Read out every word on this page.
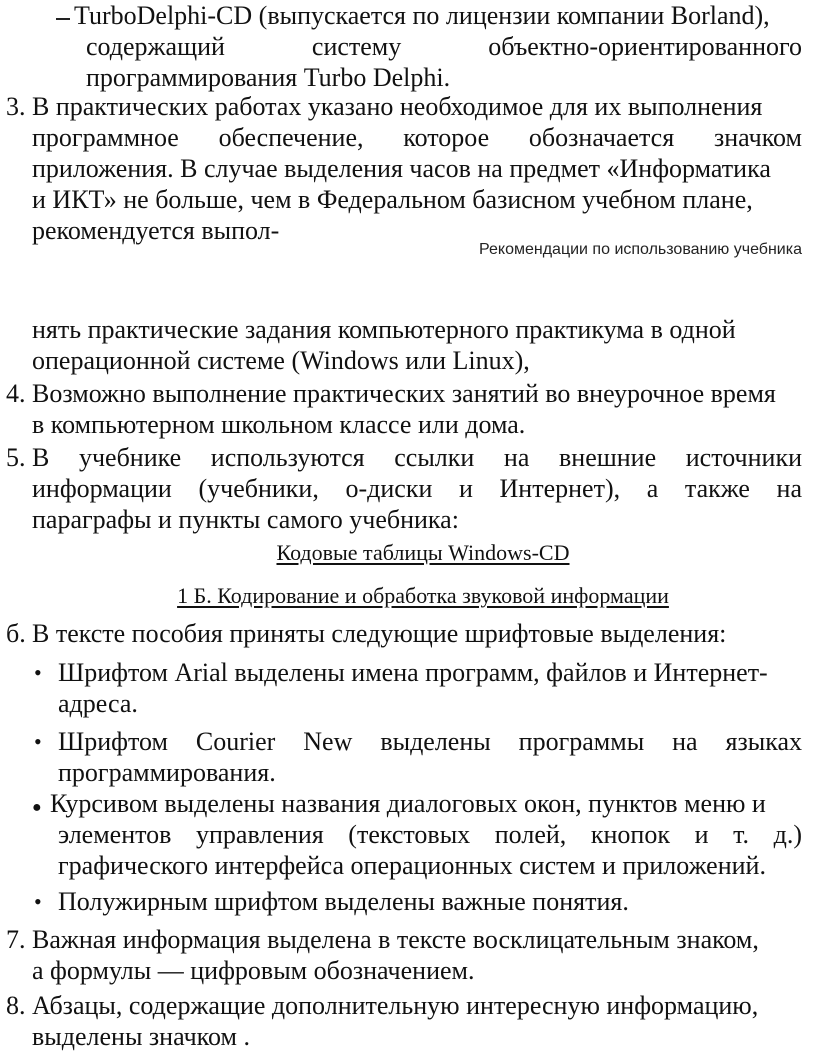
TurboDelphi-CD (выпускается по лицензии компании Borland),
содержащий систему объектно-ориентированного
программирования Turbo Delphi.
3. В практических работах указано необходимое для их выполнения
программное обеспечение, которое обозначается значком
приложения. В случае выделения часов на предмет «Информатика
и ИКТ» не больше, чем в Федеральном базисном учебном плане,
рекомендуется выпол-
Рекомендации по использованию учебника
нять практические задания компьютерного практикума в одной
операционной системе (Windows или Linux),
4. Возможно выполнение практических занятий во внеурочное время
в компьютерном школьном классе или дома.
5. В учебнике используются ссылки на внешние источники
информации (учебники, о-диски и Интернет), а также на
параграфы и пункты самого учебника:
Кодовые таблицы Windows-CD
1 Б. Кодирование и обработка звуковой информации
б. В тексте пособия приняты следующие шрифтовые выделения:
• Шрифтом Arial выделены имена программ, файлов и Интернет-
адреса.
• Шрифтом Courier New выделены программы на языках
программирования.
● Курсивом выделены названия диалоговых окон, пунктов меню и
элементов управления (текстовых полей, кнопок и т. д.)
графического интерфейса операционных систем и приложений.
• Полужирным шрифтом выделены важные понятия.
7. Важная информация выделена в тексте восклицательным знаком,
а формулы — цифровым обозначением.
8. Абзацы, содержащие дополнительную интересную информацию,
выделены значком .
